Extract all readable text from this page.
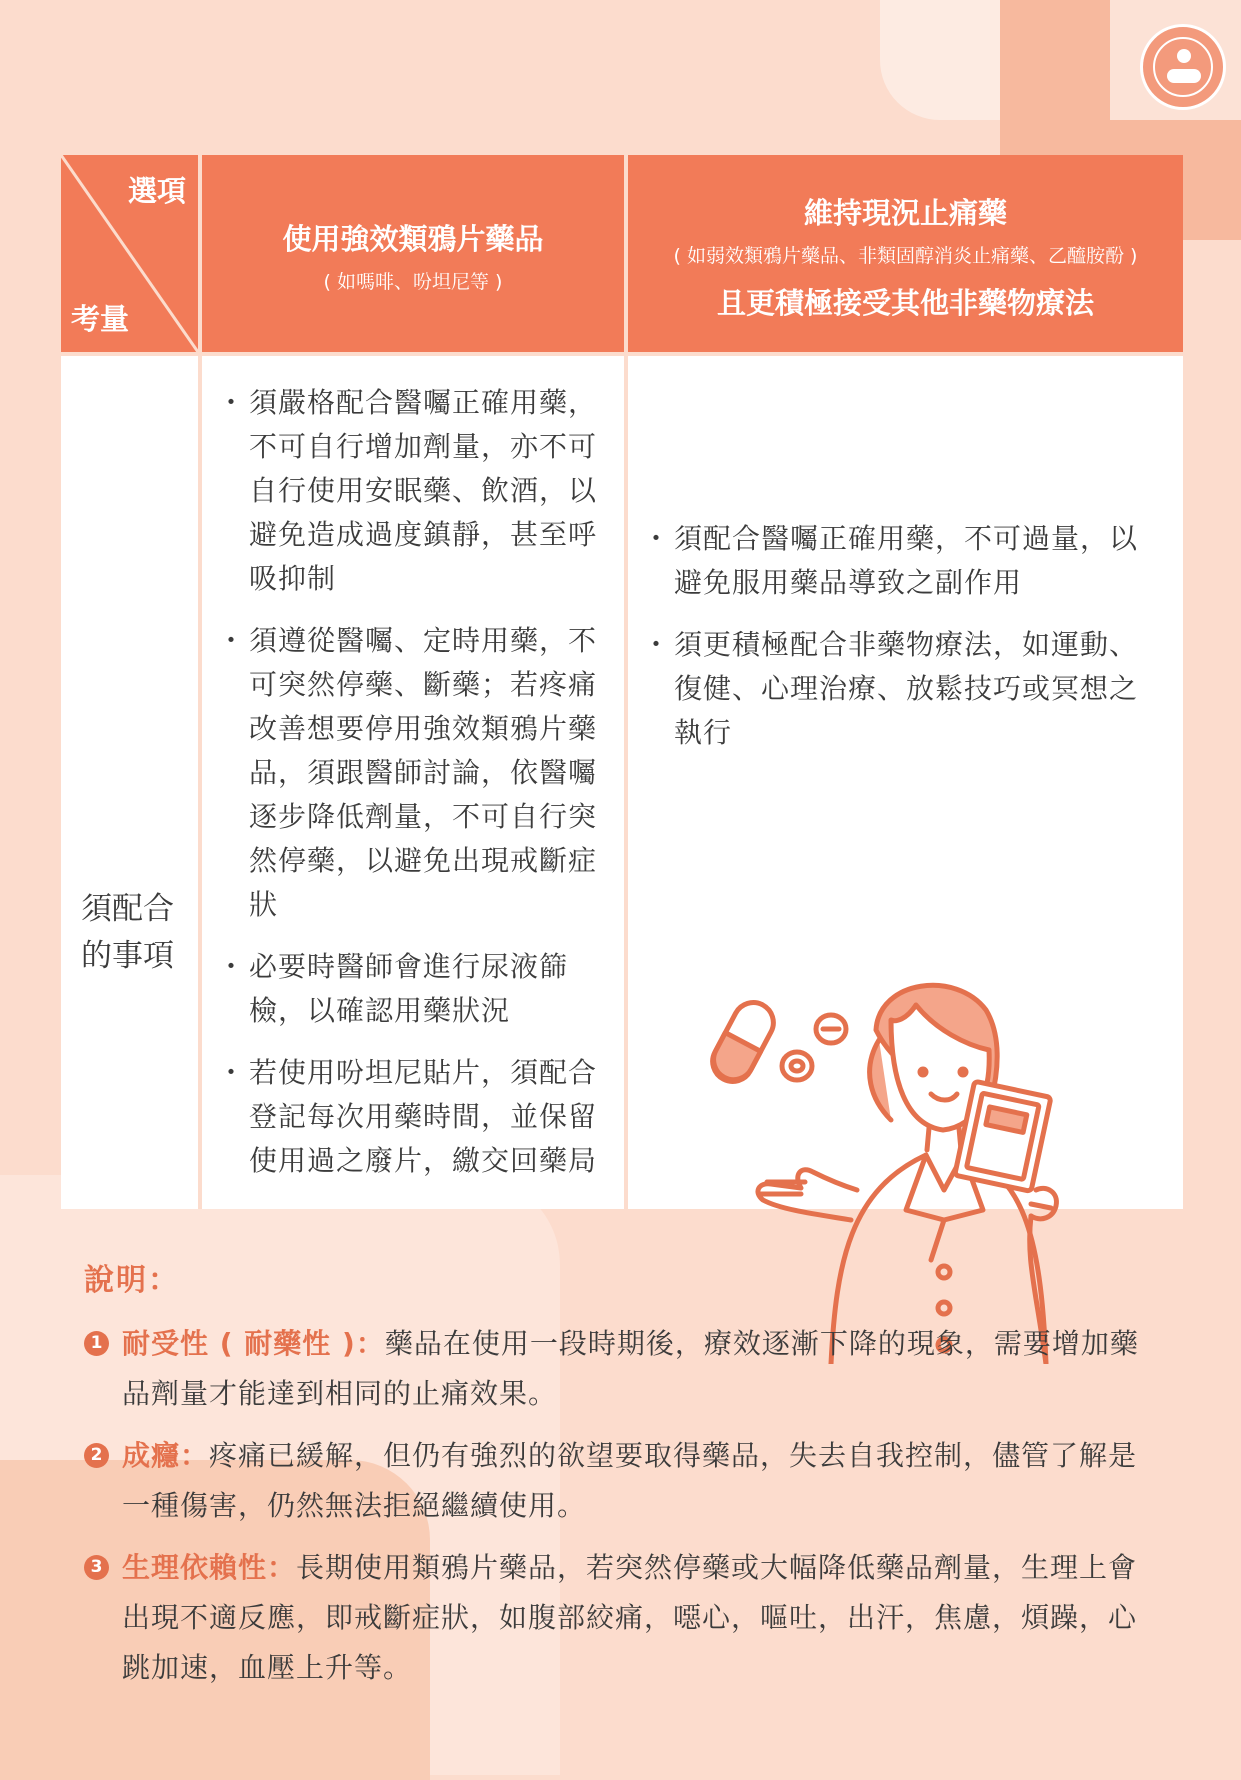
選項
考量
使用強效類鴉片藥品
( 如嗎啡、吩坦尼等 )
維持現況止痛藥
( 如弱效類鴉片藥品、非類固醇消炎止痛藥、乙醯胺酚 )
且更積極接受其他非藥物療法
須配合
的事項
・ 須嚴格配合醫囑正確用藥，不可自行增加劑量，亦不可自行使用安眠藥、飲酒，以避免造成過度鎮靜，甚至呼吸抑制
・ 須遵從醫囑、定時用藥，不可突然停藥、斷藥；若疼痛改善想要停用強效類鴉片藥品，須跟醫師討論，依醫囑逐步降低劑量，不可自行突然停藥，以避免出現戒斷症狀
・ 必要時醫師會進行尿液篩檢，以確認用藥狀況
・ 若使用吩坦尼貼片，須配合登記每次用藥時間，並保留使用過之廢片，繳交回藥局
・ 須配合醫囑正確用藥，不可過量，以避免服用藥品導致之副作用
・ 須更積極配合非藥物療法，如運動、復健、心理治療、放鬆技巧或冥想之執行
說明：
1 耐受性 ( 耐藥性 )：藥品在使用一段時期後，療效逐漸下降的現象，需要增加藥品劑量才能達到相同的止痛效果。
2 成癮：疼痛已緩解，但仍有強烈的欲望要取得藥品，失去自我控制，儘管了解是一種傷害，仍然無法拒絕繼續使用。
3 生理依賴性：長期使用類鴉片藥品，若突然停藥或大幅降低藥品劑量，生理上會出現不適反應，即戒斷症狀，如腹部絞痛，噁心，嘔吐，出汗，焦慮，煩躁，心跳加速，血壓上升等。
